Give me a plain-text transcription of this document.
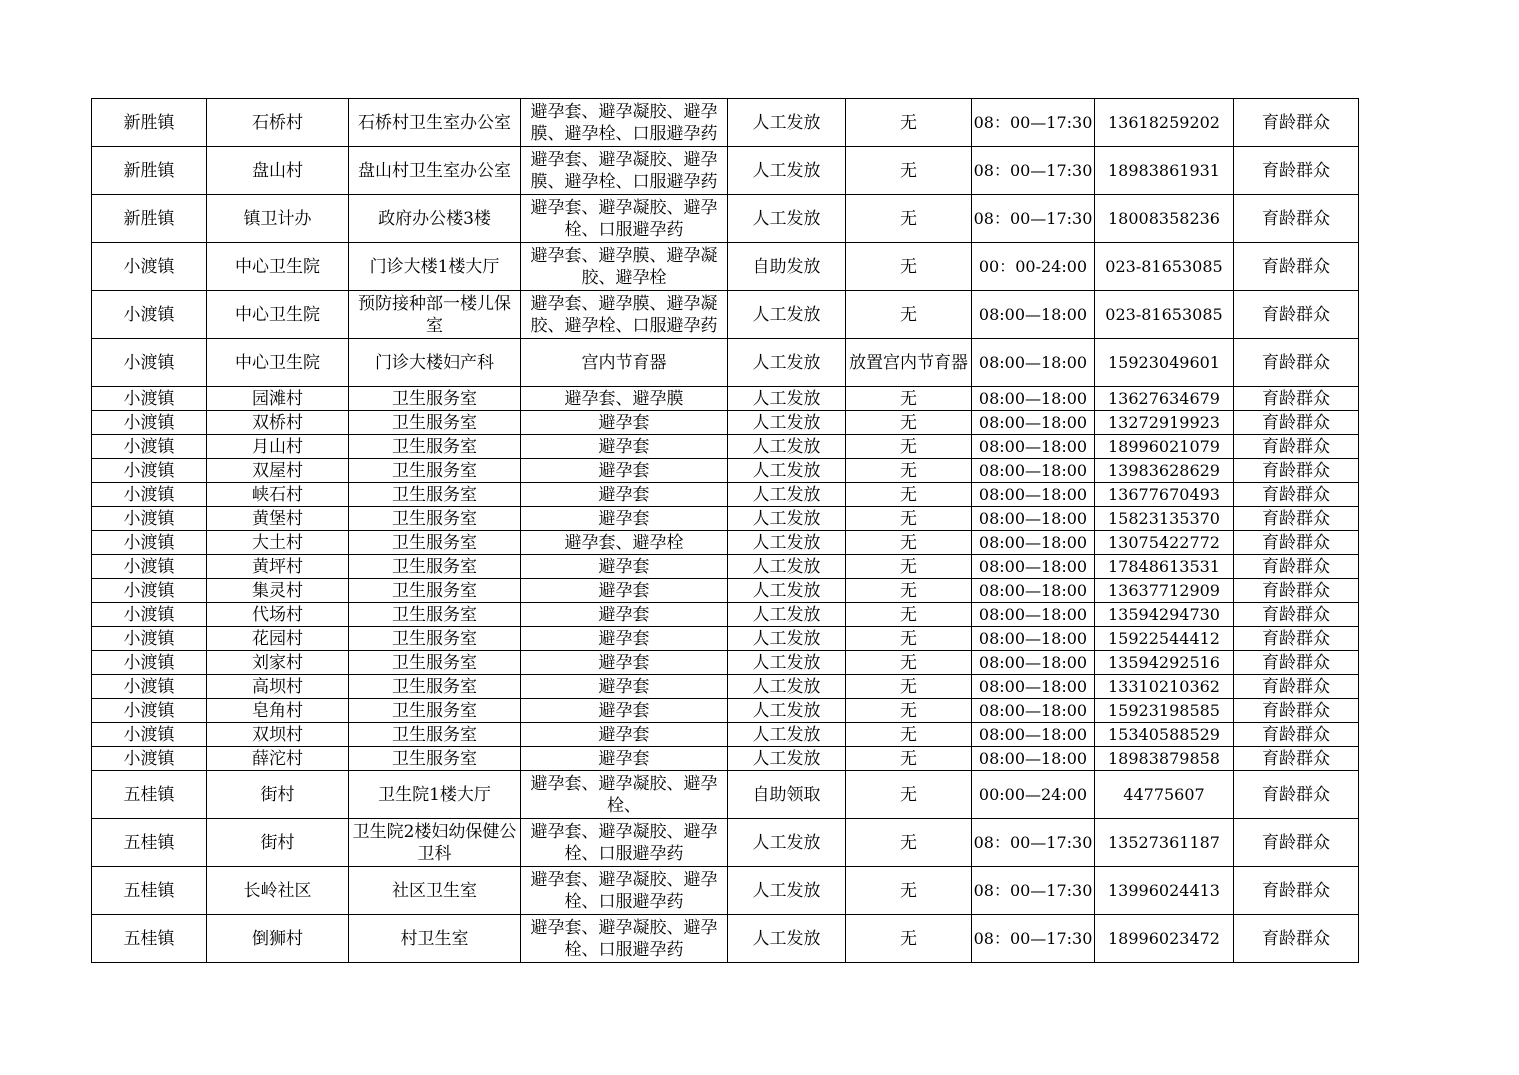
新胜镇	石桥村	石桥村卫生室办公室	避孕套、避孕凝胶、避孕膜、避孕栓、口服避孕药	人工发放	无	08：00—17:30	13618259202	育龄群众
新胜镇	盘山村	盘山村卫生室办公室	避孕套、避孕凝胶、避孕膜、避孕栓、口服避孕药	人工发放	无	08：00—17:30	18983861931	育龄群众
新胜镇	镇卫计办	政府办公楼3楼	避孕套、避孕凝胶、避孕栓、口服避孕药	人工发放	无	08：00—17:30	18008358236	育龄群众
小渡镇	中心卫生院	门诊大楼1楼大厅	避孕套、避孕膜、避孕凝胶、避孕栓	自助发放	无	00：00-24:00	023-81653085	育龄群众
小渡镇	中心卫生院	预防接种部一楼儿保室	避孕套、避孕膜、避孕凝胶、避孕栓、口服避孕药	人工发放	无	08:00—18:00	023-81653085	育龄群众
小渡镇	中心卫生院	门诊大楼妇产科	宫内节育器	人工发放	放置宫内节育器	08:00—18:00	15923049601	育龄群众
小渡镇	园滩村	卫生服务室	避孕套、避孕膜	人工发放	无	08:00—18:00	13627634679	育龄群众
小渡镇	双桥村	卫生服务室	避孕套	人工发放	无	08:00—18:00	13272919923	育龄群众
小渡镇	月山村	卫生服务室	避孕套	人工发放	无	08:00—18:00	18996021079	育龄群众
小渡镇	双屋村	卫生服务室	避孕套	人工发放	无	08:00—18:00	13983628629	育龄群众
小渡镇	峡石村	卫生服务室	避孕套	人工发放	无	08:00—18:00	13677670493	育龄群众
小渡镇	黄堡村	卫生服务室	避孕套	人工发放	无	08:00—18:00	15823135370	育龄群众
小渡镇	大土村	卫生服务室	避孕套、避孕栓	人工发放	无	08:00—18:00	13075422772	育龄群众
小渡镇	黄坪村	卫生服务室	避孕套	人工发放	无	08:00—18:00	17848613531	育龄群众
小渡镇	集灵村	卫生服务室	避孕套	人工发放	无	08:00—18:00	13637712909	育龄群众
小渡镇	代场村	卫生服务室	避孕套	人工发放	无	08:00—18:00	13594294730	育龄群众
小渡镇	花园村	卫生服务室	避孕套	人工发放	无	08:00—18:00	15922544412	育龄群众
小渡镇	刘家村	卫生服务室	避孕套	人工发放	无	08:00—18:00	13594292516	育龄群众
小渡镇	高坝村	卫生服务室	避孕套	人工发放	无	08:00—18:00	13310210362	育龄群众
小渡镇	皂角村	卫生服务室	避孕套	人工发放	无	08:00—18:00	15923198585	育龄群众
小渡镇	双坝村	卫生服务室	避孕套	人工发放	无	08:00—18:00	15340588529	育龄群众
小渡镇	薛沱村	卫生服务室	避孕套	人工发放	无	08:00—18:00	18983879858	育龄群众
五桂镇	街村	卫生院1楼大厅	避孕套、避孕凝胶、避孕栓、	自助领取	无	00:00—24:00	44775607	育龄群众
五桂镇	街村	卫生院2楼妇幼保健公卫科	避孕套、避孕凝胶、避孕栓、口服避孕药	人工发放	无	08：00—17:30	13527361187	育龄群众
五桂镇	长岭社区	社区卫生室	避孕套、避孕凝胶、避孕栓、口服避孕药	人工发放	无	08：00—17:30	13996024413	育龄群众
五桂镇	倒狮村	村卫生室	避孕套、避孕凝胶、避孕栓、口服避孕药	人工发放	无	08：00—17:30	18996023472	育龄群众
